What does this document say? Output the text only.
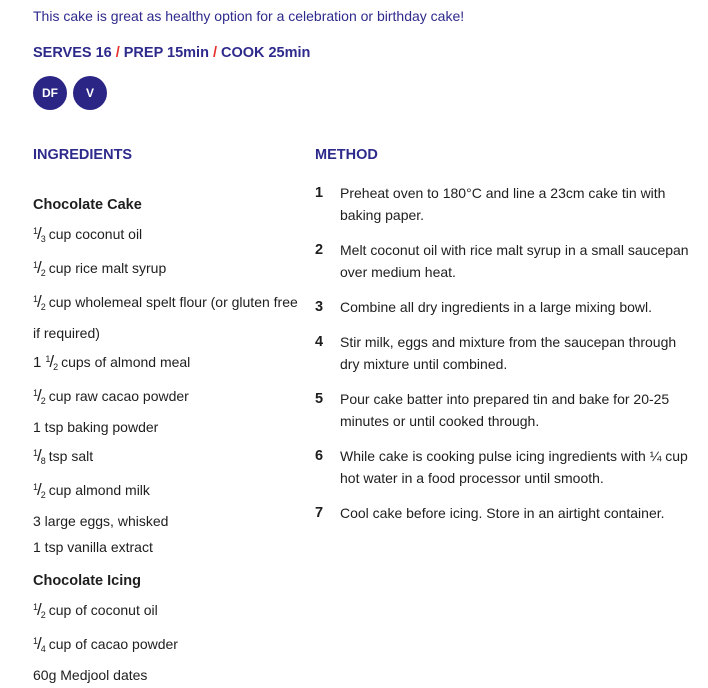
This cake is great as healthy option for a celebration or birthday cake!
SERVES 16 / PREP 15min / COOK 25min
DF	V
INGREDIENTS	METHOD
Chocolate Cake
$^1/_3$ cup coconut oil
$^1/_2$ cup rice malt syrup
$^1/_2$ cup wholemeal spelt flour (or gluten free if required)
1 $^1/_2$ cups of almond meal
$^1/_2$ cup raw cacao powder
1 tsp baking powder
$^1/_8$ tsp salt
$^1/_2$ cup almond milk
3 large eggs, whisked
1 tsp vanilla extract
Chocolate Icing
$^1/_2$ cup of coconut oil
$^1/_4$ cup of cacao powder
60g Medjool dates
1	Preheat oven to 180°C and line a 23cm cake tin with baking paper.
2	Melt coconut oil with rice malt syrup in a small saucepan over medium heat.
3	Combine all dry ingredients in a large mixing bowl.
4	Stir milk, eggs and mixture from the saucepan through dry mixture until combined.
5	Pour cake batter into prepared tin and bake for 20-25 minutes or until cooked through.
6	While cake is cooking pulse icing ingredients with ¼ cup hot water in a food processor until smooth.
7	Cool cake before icing. Store in an airtight container.
